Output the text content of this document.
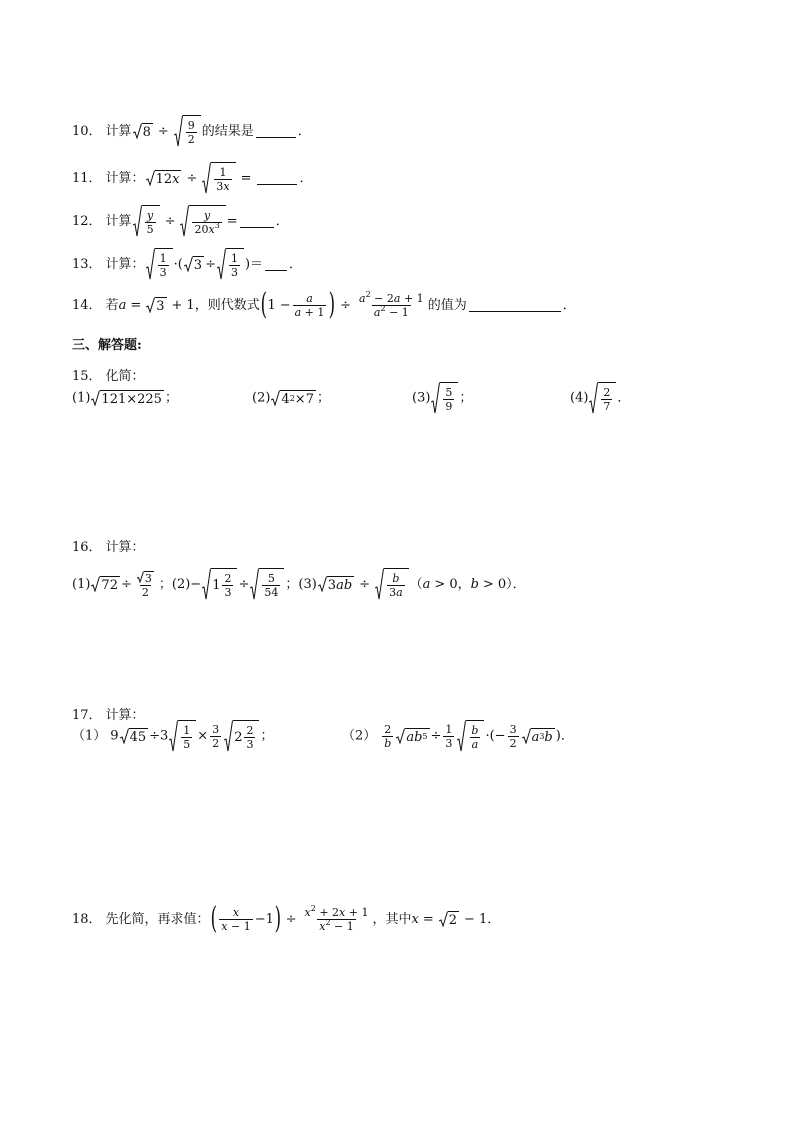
10． 计算 $8 \div \frac{9}{2}$ 的结果是	．
11． 计算： 12 $x \div \frac{1}{3x}$ =	．
12． 计算 $\frac{y}{5} \div \frac{y}{20x^3}$ =	．
13． 计算： $\frac{1}{3}$ ·( $3 \div \frac{1}{3}$ )＝ ．
14． 若 a = 3 + 1 ，则代数式 ( $1 - \frac{a}{a + 1}$ ) ÷ $\frac{a^2 - 2a + 1}{a^2 - 1}$ 的值为	．
三、解答题:
15． 化简：
(1) 121×225 ；	(2) 4 2 ×7 ；	$(3) \frac{5}{9}$ ；	$(4) \frac{2}{7}$ ．
16． 计算：
(1) $72 \div \frac{3}{2}$ ；$(2)- 1 \frac{2}{3} \div \frac{5}{54}$ ；(3) 3 ab ÷ $\frac{b}{3a}$ （ a > 0， b > 0）．
17． 计算：
（1） 9 $45 \div 3 \frac{1}{5} \times \frac{3}{2} 2 \frac{2}{3}$ ；	$(2) \frac{2}{b}$ ab $5 \div \frac{1}{3} \frac{b}{a}$ ·(− $\frac{3}{2}$ a 3 b )．
18． 先化简，再求值： ( $\frac{x}{x - 1} -1$ ) ÷ $\frac{x^2 + 2x + 1}{x^2 - 1}$ ，其中 x = 2 − 1．
